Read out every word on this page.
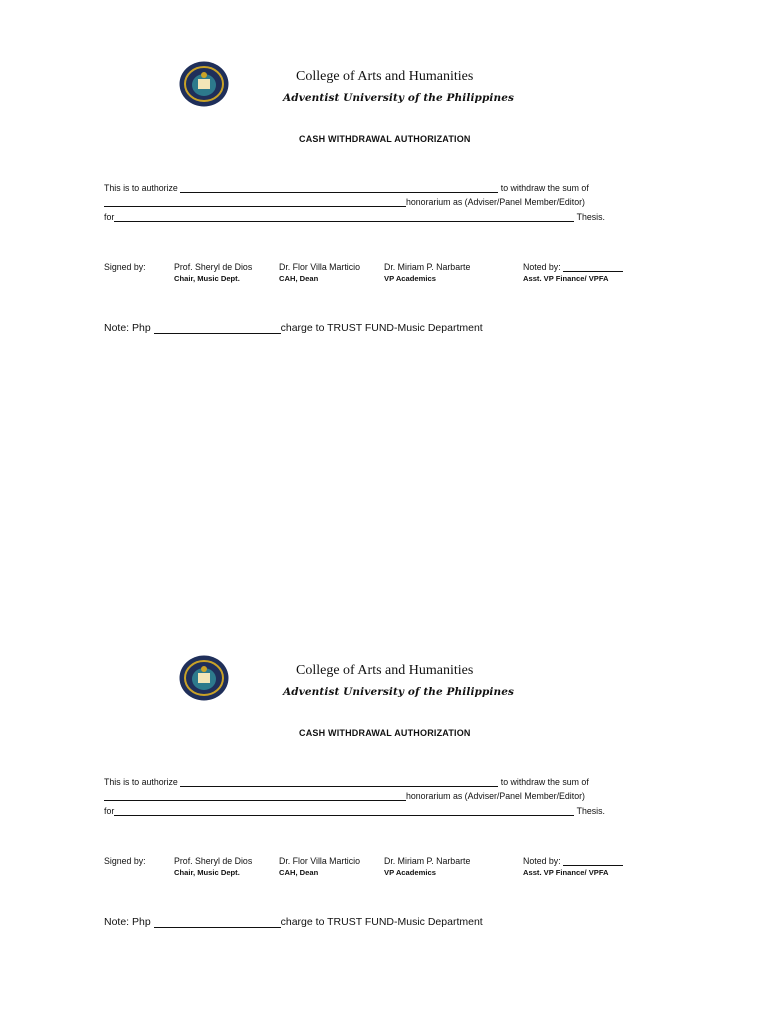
College of Arts and Humanities
Adventist University of the Philippines
CASH WITHDRAWAL AUTHORIZATION
This is to authorize	to withdraw the sum of
honorarium as (Adviser/Panel Member/Editor)
for	Thesis.
Signed by:	Prof. Sheryl de Dios
Chair, Music Dept.
Dr. Flor Villa Marticio
CAH, Dean
Dr. Miriam P. Narbarte
VP Academics
Noted by:
Asst. VP Finance/ VPFA
Note: Php	charge to TRUST FUND-Music Department
College of Arts and Humanities
Adventist University of the Philippines
CASH WITHDRAWAL AUTHORIZATION
This is to authorize	to withdraw the sum of
honorarium as (Adviser/Panel Member/Editor)
for	Thesis.
Signed by:	Prof. Sheryl de Dios
Chair, Music Dept.
Dr. Flor Villa Marticio
CAH, Dean
Dr. Miriam P. Narbarte
VP Academics
Noted by:
Asst. VP Finance/ VPFA
Note: Php	charge to TRUST FUND-Music Department
